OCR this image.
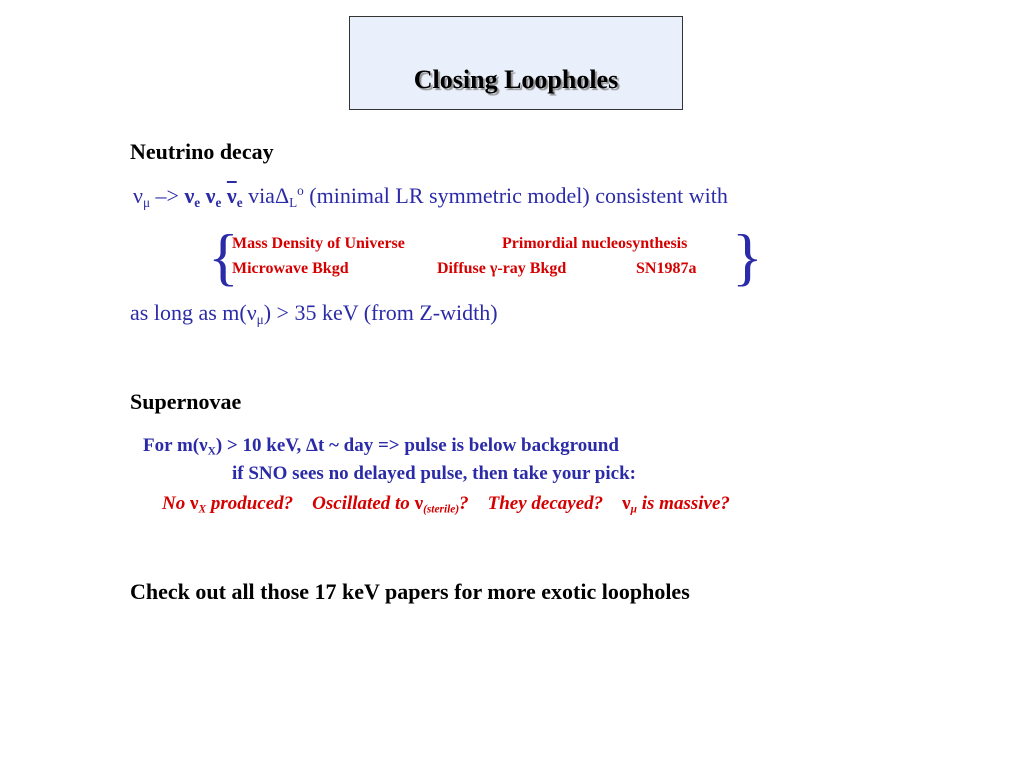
Closing Loopholes
Neutrino decay
$\nu_\mu -> \nu_e$ $\nu_e$ $\overline{\nu}_e$ viaΔ$_L^o$ (minimal LR symmetric model) consistent with
{	}
Mass Density of Universe	Primordial nucleosynthesis
Microwave Bkgd	Diffuse γ-ray Bkgd	SN1987a
as long as $m(\nu_\mu) > 35$ keV (from Z-width)
Supernovae
For $m(\nu_X) > 10$ keV, Δt ~ day => pulse is below background
if SNO sees no delayed pulse, then take your pick:
No $\nu_X$ produced? Oscillated to $\nu_{(sterile)}$? They decayed? $\nu_\mu$ is massive?
Check out all those 17 keV papers for more exotic loopholes
